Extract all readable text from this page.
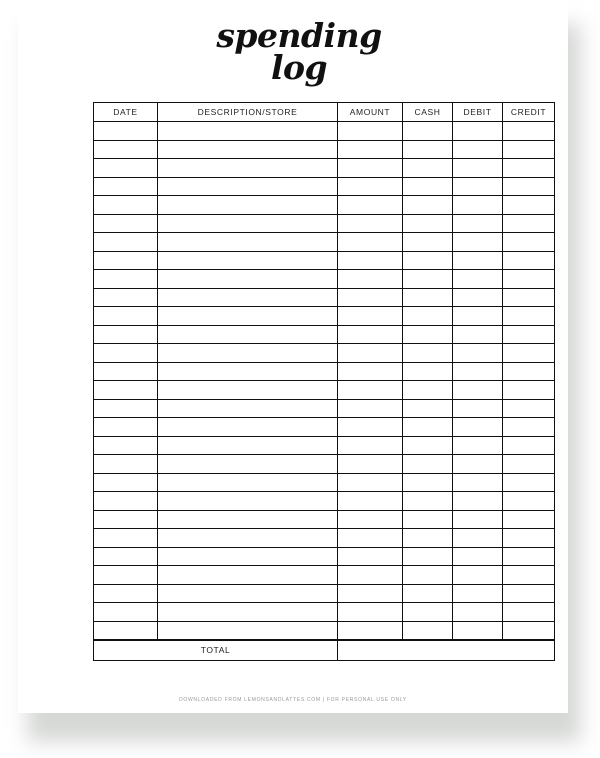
spending
log
DATE	DESCRIPTION/STORE	AMOUNT	CASH	DEBIT	CREDIT

TOTAL					
DOWNLOADED FROM LEMONSANDLATTES.COM | FOR PERSONAL USE ONLY
